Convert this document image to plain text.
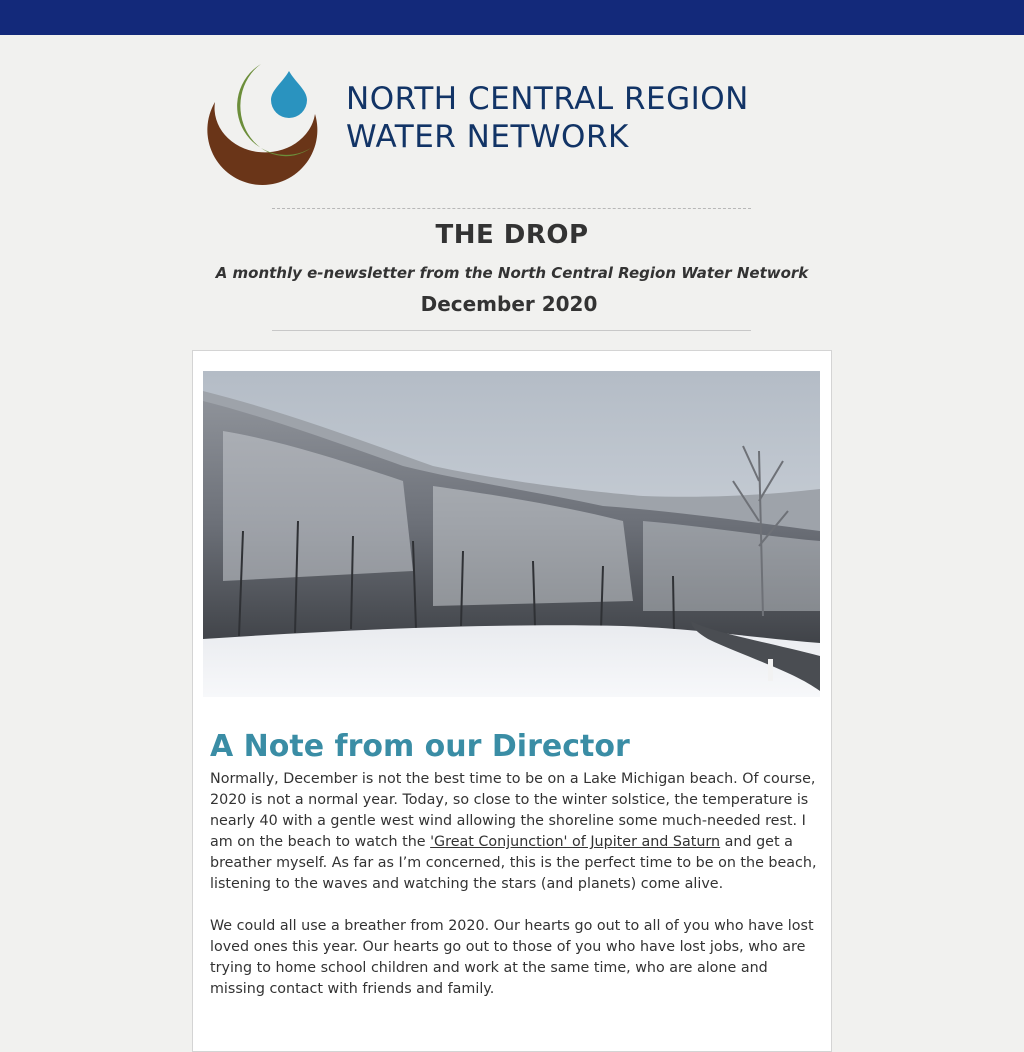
NORTH CENTRAL REGION
WATER NETWORK
THE DROP
A monthly e-newsletter from the North Central Region Water Network
December 2020
A Note from our Director

Normally, December is not the best time to be on a Lake Michigan beach. Of course, 2020 is not a normal year. Today, so close to the winter solstice, the temperature is nearly 40 with a gentle west wind allowing the shoreline some much-needed rest. I am on the beach to watch the 'Great Conjunction' of Jupiter and Saturn and get a breather myself. As far as I’m concerned, this is the perfect time to be on the beach, listening to the waves and watching the stars (and planets) come alive.

We could all use a breather from 2020. Our hearts go out to all of you who have lost loved ones this year. Our hearts go out to those of you who have lost jobs, who are trying to home school children and work at the same time, who are alone and missing contact with friends and family.
